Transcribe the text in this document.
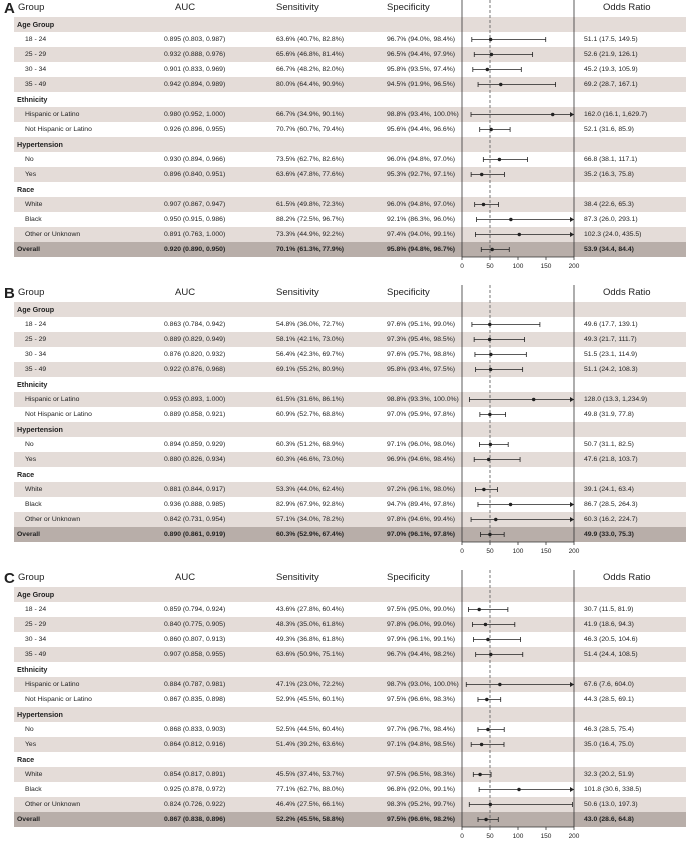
A Group	AUC	Sensitivity	Specificity	Odds Ratio
Age Group
18 - 24	0.895 (0.803, 0.987)	63.6% (40.7%, 82.8%)	96.7% (94.0%, 98.4%)	51.1 (17.5, 149.5)
25 - 29	0.932 (0.888, 0.976)	65.6% (46.8%, 81.4%)	96.5% (94.4%, 97.9%)	52.6 (21.9, 126.1)
30 - 34	0.901 (0.833, 0.969)	66.7% (48.2%, 82.0%)	95.8% (93.5%, 97.4%)	45.2 (19.3, 105.9)
35 - 49	0.942 (0.894, 0.989)	80.0% (64.4%, 90.9%)	94.5% (91.9%, 96.5%)	69.2 (28.7, 167.1)
Ethnicity
Hispanic or Latino	0.980 (0.952, 1.000)	66.7% (34.9%, 90.1%)	98.8% (93.4%, 100.0%)	162.0 (16.1, 1,629.7)
Not Hispanic or Latino	0.926 (0.896, 0.955)	70.7% (60.7%, 79.4%)	95.6% (94.4%, 96.6%)	52.1 (31.6, 85.9)
Hypertension
No	0.930 (0.894, 0.966)	73.5% (62.7%, 82.6%)	96.0% (94.8%, 97.0%)	66.8 (38.1, 117.1)
Yes	0.896 (0.840, 0.951)	63.6% (47.8%, 77.6%)	95.3% (92.7%, 97.1%)	35.2 (16.3, 75.8)
Race
White	0.907 (0.867, 0.947)	61.5% (49.8%, 72.3%)	96.0% (94.8%, 97.0%)	38.4 (22.6, 65.3)
Black	0.950 (0.915, 0.986)	88.2% (72.5%, 96.7%)	92.1% (86.3%, 96.0%)	87.3 (26.0, 293.1)
Other or Unknown	0.891 (0.763, 1.000)	73.3% (44.9%, 92.2%)	97.4% (94.0%, 99.1%)	102.3 (24.0, 435.5)
Overall	0.920 (0.890, 0.950)	70.1% (61.3%, 77.9%)	95.8% (94.8%, 96.7%)	53.9 (34.4, 84.4)
0	50	100	150	200
B Group	AUC	Sensitivity	Specificity	Odds Ratio
Age Group
18 - 24	0.863 (0.784, 0.942)	54.8% (36.0%, 72.7%)	97.6% (95.1%, 99.0%)	49.6 (17.7, 139.1)
25 - 29	0.889 (0.829, 0.949)	58.1% (42.1%, 73.0%)	97.3% (95.4%, 98.5%)	49.3 (21.7, 111.7)
30 - 34	0.876 (0.820, 0.932)	56.4% (42.3%, 69.7%)	97.6% (95.7%, 98.8%)	51.5 (23.1, 114.9)
35 - 49	0.922 (0.876, 0.968)	69.1% (55.2%, 80.9%)	95.8% (93.4%, 97.5%)	51.1 (24.2, 108.3)
Ethnicity
Hispanic or Latino	0.953 (0.893, 1.000)	61.5% (31.6%, 86.1%)	98.8% (93.3%, 100.0%)	128.0 (13.3, 1,234.9)
Not Hispanic or Latino	0.889 (0.858, 0.921)	60.9% (52.7%, 68.8%)	97.0% (95.9%, 97.8%)	49.8 (31.9, 77.8)
Hypertension
No	0.894 (0.859, 0.929)	60.3% (51.2%, 68.9%)	97.1% (96.0%, 98.0%)	50.7 (31.1, 82.5)
Yes	0.880 (0.826, 0.934)	60.3% (46.6%, 73.0%)	96.9% (94.6%, 98.4%)	47.6 (21.8, 103.7)
Race
White	0.881 (0.844, 0.917)	53.3% (44.0%, 62.4%)	97.2% (96.1%, 98.0%)	39.1 (24.1, 63.4)
Black	0.936 (0.888, 0.985)	82.9% (67.9%, 92.8%)	94.7% (89.4%, 97.8%)	86.7 (28.5, 264.3)
Other or Unknown	0.842 (0.731, 0.954)	57.1% (34.0%, 78.2%)	97.8% (94.6%, 99.4%)	60.3 (16.2, 224.7)
Overall	0.890 (0.861, 0.919)	60.3% (52.9%, 67.4%)	97.0% (96.1%, 97.8%)	49.9 (33.0, 75.3)
0	50	100	150	200
C Group	AUC	Sensitivity	Specificity	Odds Ratio
Age Group
18 - 24	0.859 (0.794, 0.924)	43.6% (27.8%, 60.4%)	97.5% (95.0%, 99.0%)	30.7 (11.5, 81.9)
25 - 29	0.840 (0.775, 0.905)	48.3% (35.0%, 61.8%)	97.8% (96.0%, 99.0%)	41.9 (18.6, 94.3)
30 - 34	0.860 (0.807, 0.913)	49.3% (36.8%, 61.8%)	97.9% (96.1%, 99.1%)	46.3 (20.5, 104.6)
35 - 49	0.907 (0.858, 0.955)	63.6% (50.9%, 75.1%)	96.7% (94.4%, 98.2%)	51.4 (24.4, 108.5)
Ethnicity
Hispanic or Latino	0.884 (0.787, 0.981)	47.1% (23.0%, 72.2%)	98.7% (93.0%, 100.0%)	67.6 (7.6, 604.0)
Not Hispanic or Latino	0.867 (0.835, 0.898)	52.9% (45.5%, 60.1%)	97.5% (96.6%, 98.3%)	44.3 (28.5, 69.1)
Hypertension
No	0.868 (0.833, 0.903)	52.5% (44.5%, 60.4%)	97.7% (96.7%, 98.4%)	46.3 (28.5, 75.4)
Yes	0.864 (0.812, 0.916)	51.4% (39.2%, 63.6%)	97.1% (94.8%, 98.5%)	35.0 (16.4, 75.0)
Race
White	0.854 (0.817, 0.891)	45.5% (37.4%, 53.7%)	97.5% (96.5%, 98.3%)	32.3 (20.2, 51.9)
Black	0.925 (0.878, 0.972)	77.1% (62.7%, 88.0%)	96.8% (92.0%, 99.1%)	101.8 (30.6, 338.5)
Other or Unknown	0.824 (0.726, 0.922)	46.4% (27.5%, 66.1%)	98.3% (95.2%, 99.7%)	50.6 (13.0, 197.3)
Overall	0.867 (0.838, 0.896)	52.2% (45.5%, 58.8%)	97.5% (96.6%, 98.2%)	43.0 (28.6, 64.8)
0	50	100	150	200
